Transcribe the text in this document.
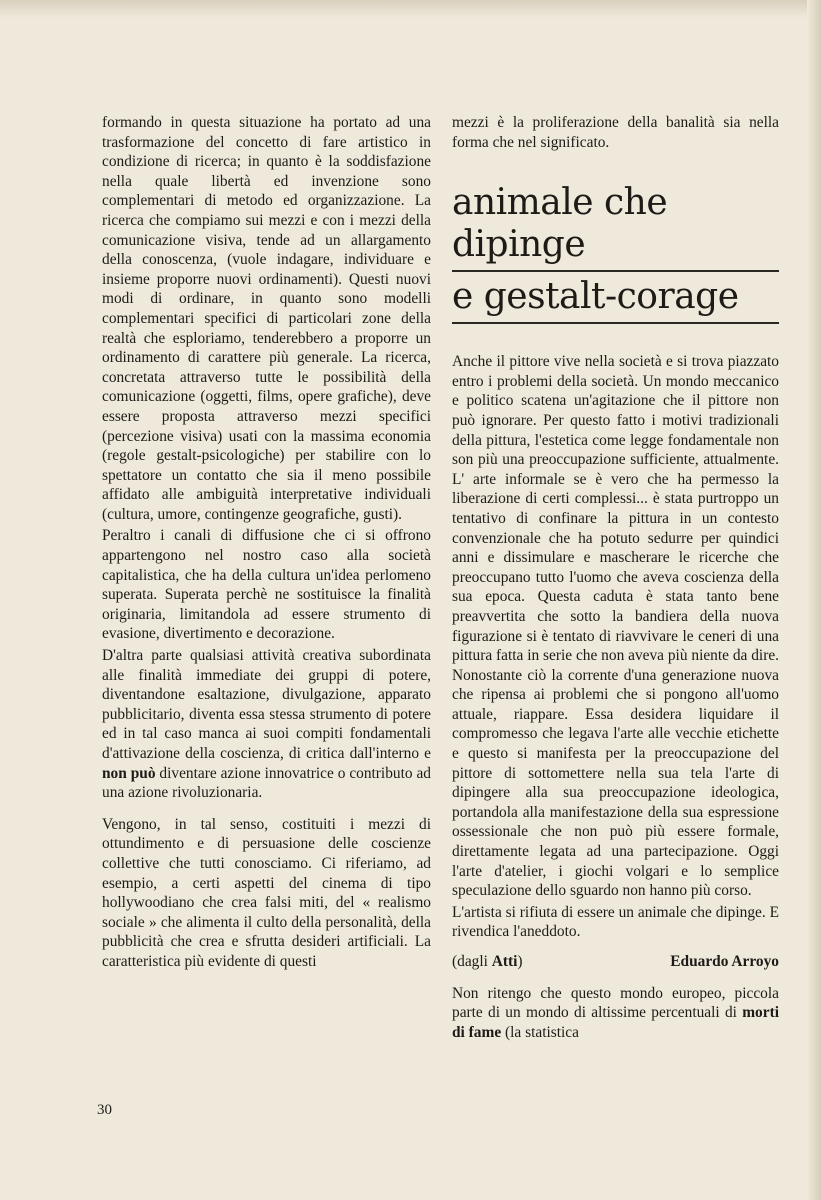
formando in questa situazione ha portato ad una trasformazione del concetto di fare artistico in condizione di ricerca; in quanto è la soddisfazione nella quale libertà ed invenzione sono complementari di metodo ed organizzazione. La ricerca che compiamo sui mezzi e con i mezzi della comunicazione visiva, tende ad un allargamento della conoscenza, (vuole indagare, individuare e insieme proporre nuovi ordinamenti). Questi nuovi modi di ordinare, in quanto sono modelli complementari specifici di particolari zone della realtà che esploriamo, tenderebbero a proporre un ordinamento di carattere più generale. La ricerca, concretata attraverso tutte le possibilità della comunicazione (oggetti, films, opere grafiche), deve essere proposta attraverso mezzi specifici (percezione visiva) usati con la massima economia (regole gestalt-psicologiche) per stabilire con lo spettatore un contatto che sia il meno possibile affidato alle ambiguità interpretative individuali (cultura, umore, contingenze geografiche, gusti).

Peraltro i canali di diffusione che ci si offrono appartengono nel nostro caso alla società capitalistica, che ha della cultura un'idea perlomeno superata. Superata perchè ne sostituisce la finalità originaria, limitandola ad essere strumento di evasione, divertimento e decorazione.

D'altra parte qualsiasi attività creativa subordinata alle finalità immediate dei gruppi di potere, diventandone esaltazione, divulgazione, apparato pubblicitario, diventa essa stessa strumento di potere ed in tal caso manca ai suoi compiti fondamentali d'attivazione della coscienza, di critica dall'interno e non può diventare azione innovatrice o contributo ad una azione rivoluzionaria.

Vengono, in tal senso, costituiti i mezzi di ottundimento e di persuasione delle coscienze collettive che tutti conosciamo. Ci riferiamo, ad esempio, a certi aspetti del cinema di tipo hollywoodiano che crea falsi miti, del « realismo sociale » che alimenta il culto della personalità, della pubblicità che crea e sfrutta desideri artificiali. La caratteristica più evidente di questi

mezzi è la proliferazione della banalità sia nella forma che nel significato.

animale che dipinge
e gestalt-corage

Anche il pittore vive nella società e si trova piazzato entro i problemi della società. Un mondo meccanico e politico scatena un'agitazione che il pittore non può ignorare. Per questo fatto i motivi tradizionali della pittura, l'estetica come legge fondamentale non son più una preoccupazione sufficiente, attualmente. L' arte informale se è vero che ha permesso la liberazione di certi complessi... è stata purtroppo un tentativo di confinare la pittura in un contesto convenzionale che ha potuto sedurre per quindici anni e dissimulare e mascherare le ricerche che preoccupano tutto l'uomo che aveva coscienza della sua epoca. Questa caduta è stata tanto bene preavvertita che sotto la bandiera della nuova figurazione si è tentato di riavvivare le ceneri di una pittura fatta in serie che non aveva più niente da dire. Nonostante ciò la corrente d'una generazione nuova che ripensa ai problemi che si pongono all'uomo attuale, riappare. Essa desidera liquidare il compromesso che legava l'arte alle vecchie etichette e questo si manifesta per la preoccupazione del pittore di sottomettere nella sua tela l'arte di dipingere alla sua preoccupazione ideologica, portandola alla manifestazione della sua espressione ossessionale che non può più essere formale, direttamente legata ad una partecipazione. Oggi l'arte d'atelier, i giochi volgari e lo semplice speculazione dello sguardo non hanno più corso.

L'artista si rifiuta di essere un animale che dipinge. E rivendica l'aneddoto.

(dagli Atti)	Eduardo Arroyo

Non ritengo che questo mondo europeo, piccola parte di un mondo di altissime percentuali di morti di fame (la statistica

30
